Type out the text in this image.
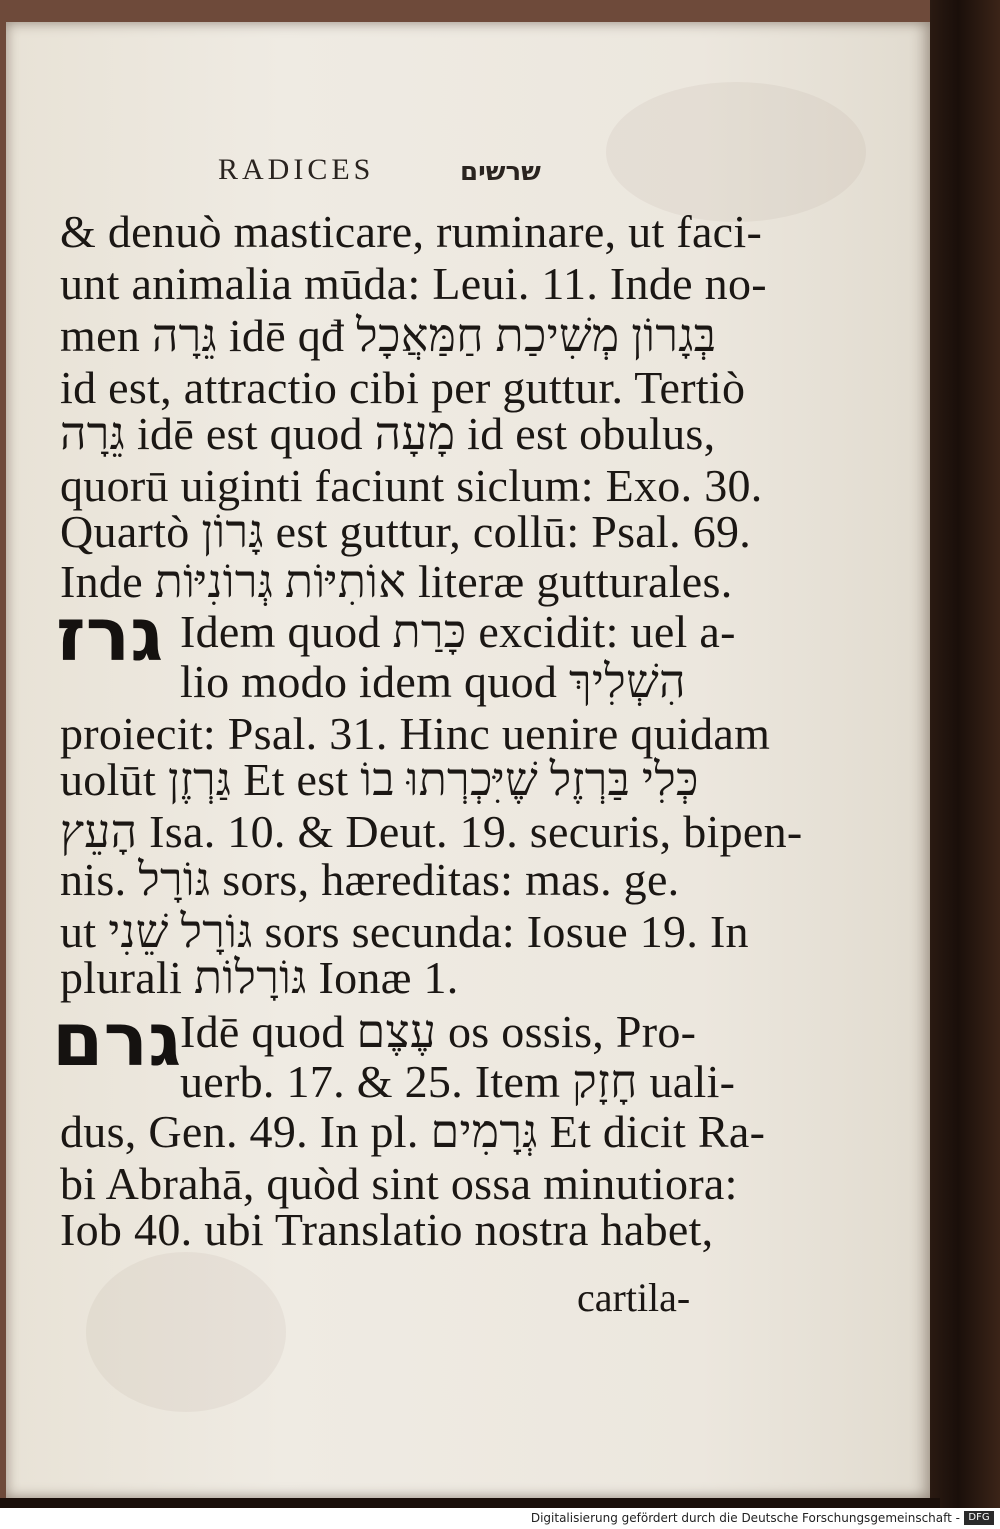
RADICES	שרשים
& denuò masticare, ruminare, ut faci-
unt animalia mūda: Leui. 11. Inde no-
men גֵּרָה idē qđ בְּגָרוֹן מְשִׁיכַת חַמַּאֲכָל
id est, attractio cibi per guttur. Tertiò
גֵּרָה idē est quod מָעָה id est obulus,
quorū uiginti faciunt siclum: Exo. 30.
Quartò גָּרוֹן est guttur, collū: Psal. 69.
Inde אוֹתִיּוֹת גְּרוֹנִיּוֹת literæ gutturales.
גרז Idem quod כָּרַת excidit: uel a-
lio modo idem quod הִשְׁלִיךְ
proiecit: Psal. 31. Hinc uenire quidam
uolūt גַּרְזֶן Et est כְּלִי בַּרְזֶל שֶׁיִּכְרְתוּ בוֹ
הָעֵץ Isa. 10. & Deut. 19. securis, bipen-
nis. גּוֹרָל sors, hæreditas: mas. ge.
ut גּוֹרָל שֵׁנִי sors secunda: Iosue 19. In
plurali גּוֹרָלוֹת Ionæ 1.
גרם
Idē quod עֶצֶם os ossis, Pro-
uerb. 17. & 25. Item חָזָק uali-
dus, Gen. 49. In pl. גְּרָמִים Et dicit Ra-
bi Abrahā, quòd sint ossa minutiora:
Iob 40. ubi Translatio nostra habet,
cartila-
Digitalisierung gefördert durch die Deutsche Forschungsgemeinschaft - DFG
